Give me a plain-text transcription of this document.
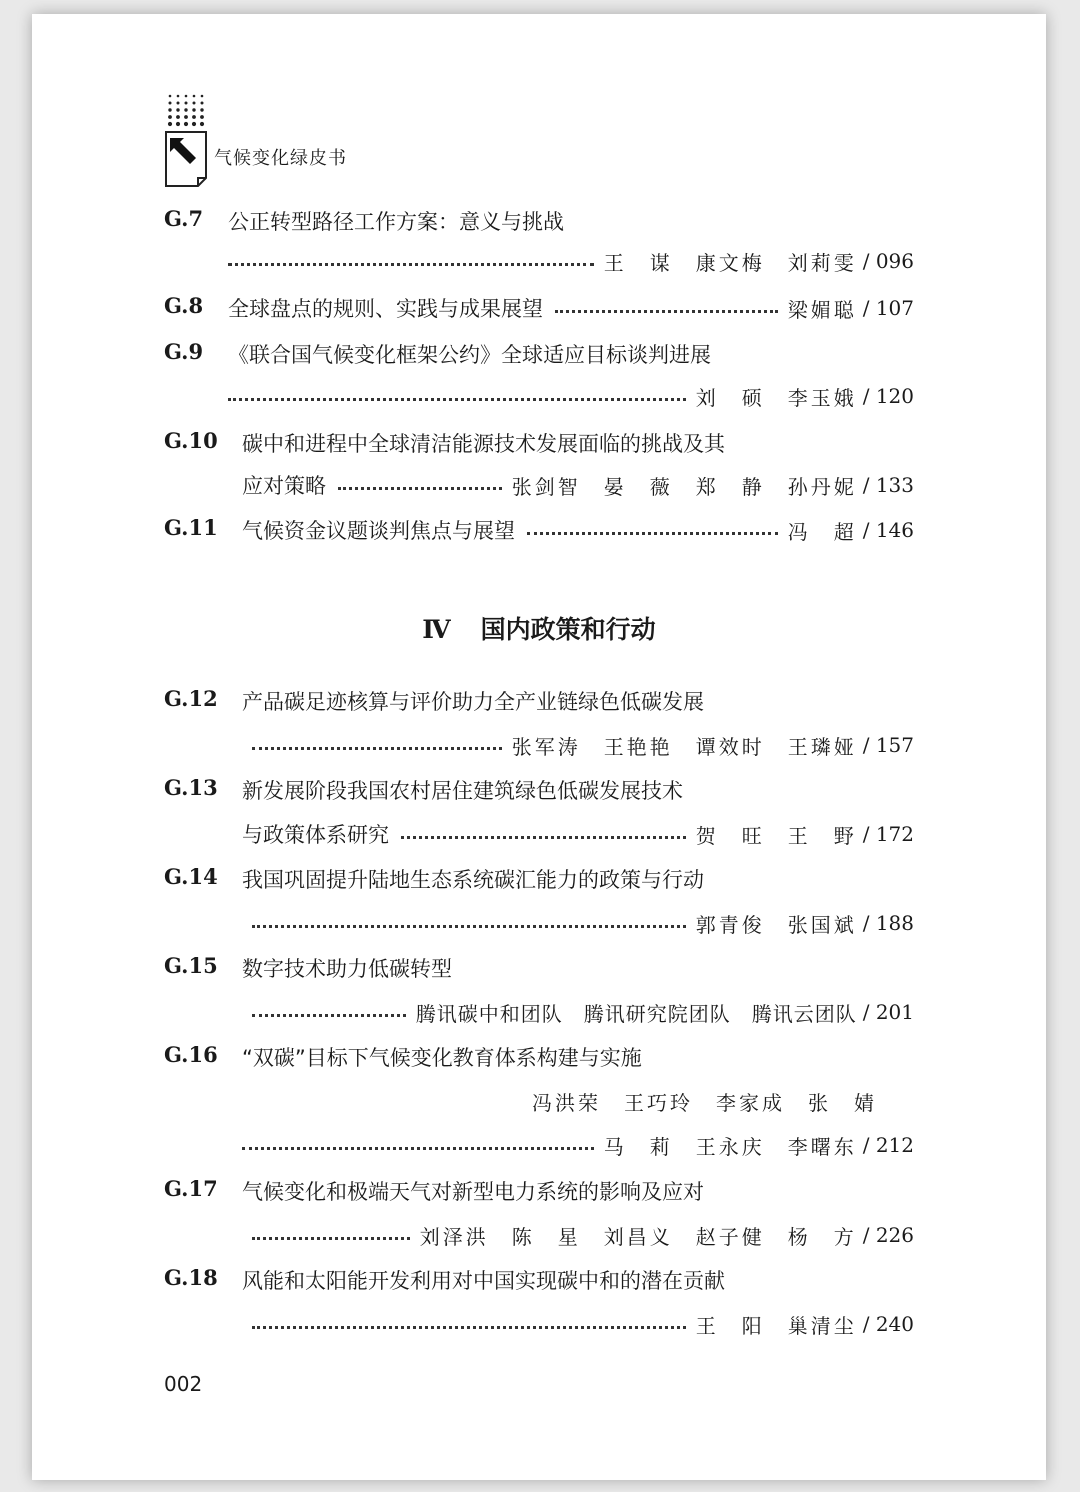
气候变化绿皮书
G.7 公正转型路径工作方案：意义与挑战
王　谋　康文梅　刘莉雯 / 096
G.8 全球盘点的规则、实践与成果展望	梁媚聪 / 107
G.9 《联合国气候变化框架公约》全球适应目标谈判进展
刘　硕　李玉娥 / 120
G.10 碳中和进程中全球清洁能源技术发展面临的挑战及其
应对策略	张剑智　晏　薇　郑　静　孙丹妮 / 133
G.11 气候资金议题谈判焦点与展望	冯　超 / 146
Ⅳ 国内政策和行动
G.12 产品碳足迹核算与评价助力全产业链绿色低碳发展
张军涛　王艳艳　谭效时　王璘娅 / 157
G.13 新发展阶段我国农村居住建筑绿色低碳发展技术
与政策体系研究	贺　旺　王　野 / 172
G.14 我国巩固提升陆地生态系统碳汇能力的政策与行动
郭青俊　张国斌 / 188
G.15 数字技术助力低碳转型
腾讯碳中和团队　腾讯研究院团队　腾讯云团队 / 201
G.16 “双碳”目标下气候变化教育体系构建与实施
冯洪荣　王巧玲　李家成　张　婧
马　莉　王永庆　李曙东 / 212
G.17 气候变化和极端天气对新型电力系统的影响及应对
刘泽洪　陈　星　刘昌义　赵子健　杨　方 / 226
G.18 风能和太阳能开发利用对中国实现碳中和的潜在贡献
王　阳　巢清尘 / 240
002
